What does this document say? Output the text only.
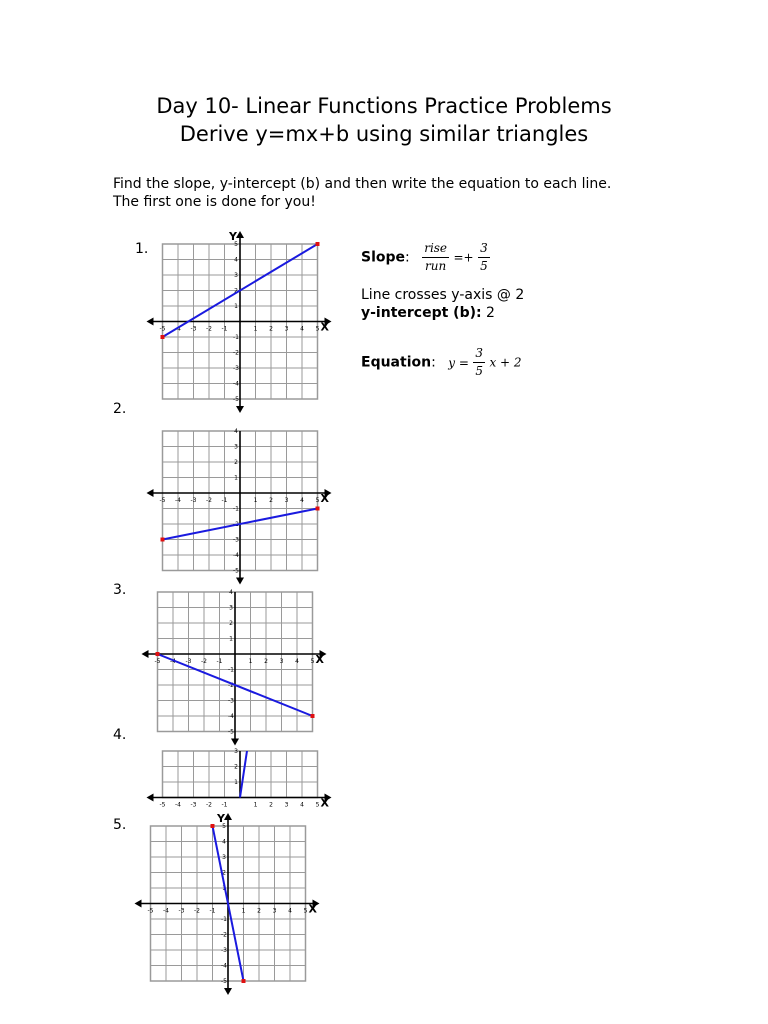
Day 10- Linear Functions Practice Problems
Derive y=mx+b using similar triangles
Find the slope, y-intercept (b) and then write the equation to each line.
The first one is done for you!
1.
2.
3.
4.
5.
X
Y
-5 -4 -3 -2 -1	1 2 3 4 5
-5
-4
-3
-2
-1
1
2
3
4
5
X
-5 -4 -3 -2 -1	1 2 3 4 5
-5
-4
-3
-2
-1
1
2
3
4
X
-5 -4 -3 -2 -1	1 2 3 4 5
-5
-4
-3
-2
-1
1
2
3
4
X
-5 -4 -3 -2 -1	1 2 3 4 5
1
2
3
X
Y
-5 -4 -3 -2 -1	1 2 3 4 5
-5
-4
-3
-2
-1
1
2
3
4
5
Slope: $\frac{\text{rise}}{\text{run}} =+ \frac{3}{5}$
Line crosses y-axis @ 2
y-intercept (b): 2
Equation: $y = \frac{3}{5}$ x + 2
